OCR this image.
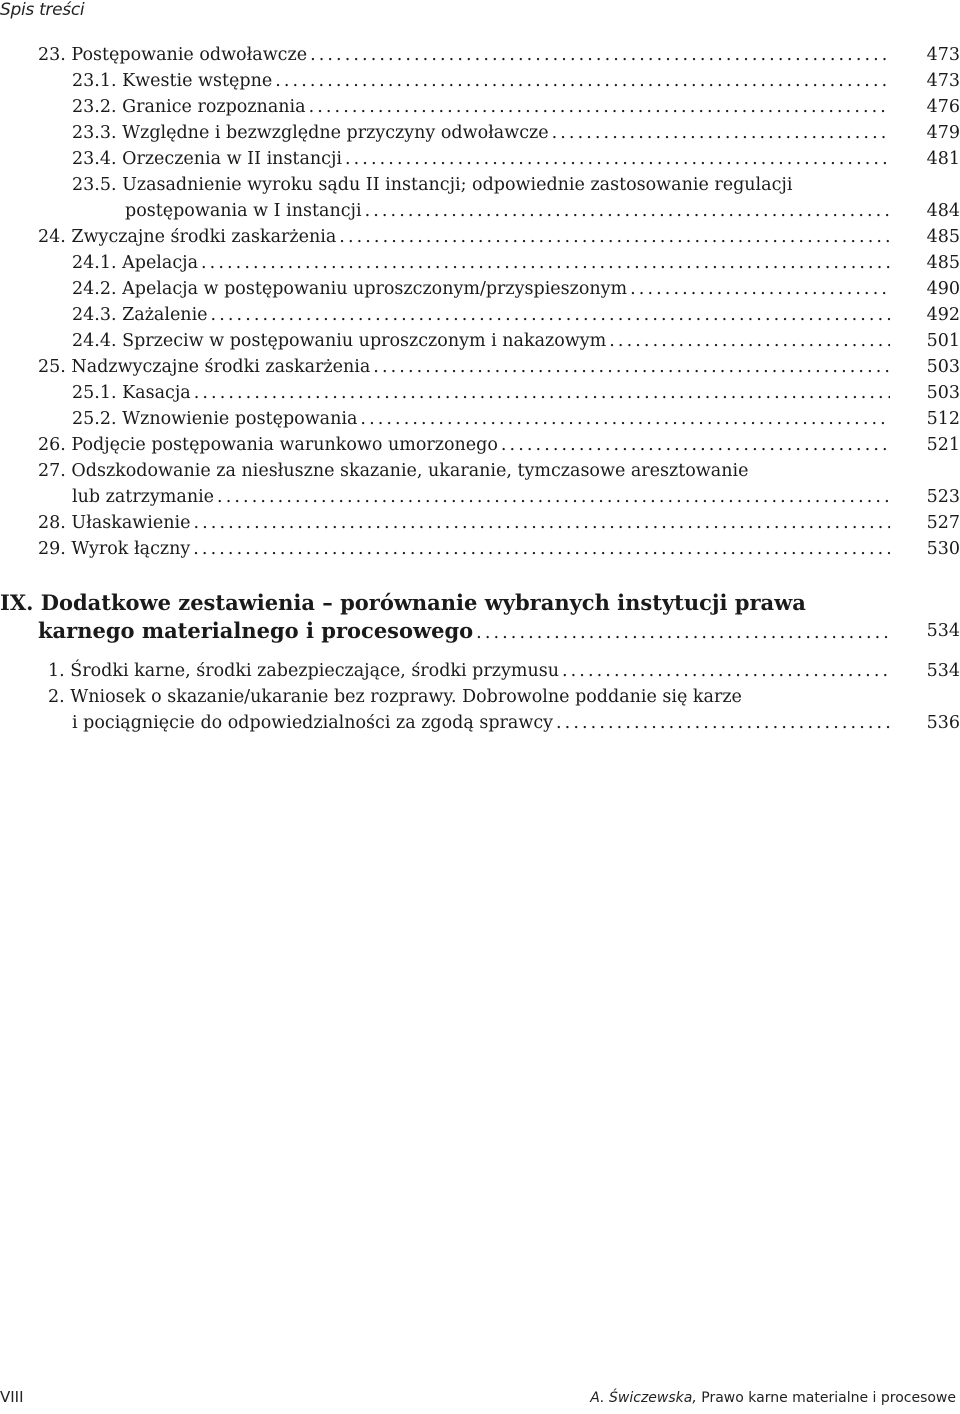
Spis treści
23. Postępowanie odwoławcze .....	473
23.1. Kwestie wstępne .....	473
23.2. Granice rozpoznania .....	476
23.3. Względne i bezwzględne przyczyny odwoławcze .....	479
23.4. Orzeczenia w II instancji .....	481
23.5. Uzasadnienie wyroku sądu II instancji; odpowiednie zastosowanie regulacji
postępowania w I instancji .....	484
24. Zwyczajne środki zaskarżenia .....	485
24.1. Apelacja .....	485
24.2. Apelacja w postępowaniu uproszczonym/przyspieszonym .....	490
24.3. Zażalenie .....	492
24.4. Sprzeciw w postępowaniu uproszczonym i nakazowym .....	501
25. Nadzwyczajne środki zaskarżenia .....	503
25.1. Kasacja .....	503
25.2. Wznowienie postępowania .....	512
26. Podjęcie postępowania warunkowo umorzonego .....	521
27. Odszkodowanie za niesłuszne skazanie, ukaranie, tymczasowe aresztowanie
lub zatrzymanie .....	523
28. Ułaskawienie .....	527
29. Wyrok łączny .....	530
IX. Dodatkowe zestawienia – porównanie wybranych instytucji prawa
karnego materialnego i procesowego .....	534
1. Środki karne, środki zabezpieczające, środki przymusu .....	534
2. Wniosek o skazanie/ukaranie bez rozprawy. Dobrowolne poddanie się karze
i pociągnięcie do odpowiedzialności za zgodą sprawcy .....	536
VIII	A. Świczewska, Prawo karne materialne i procesowe
